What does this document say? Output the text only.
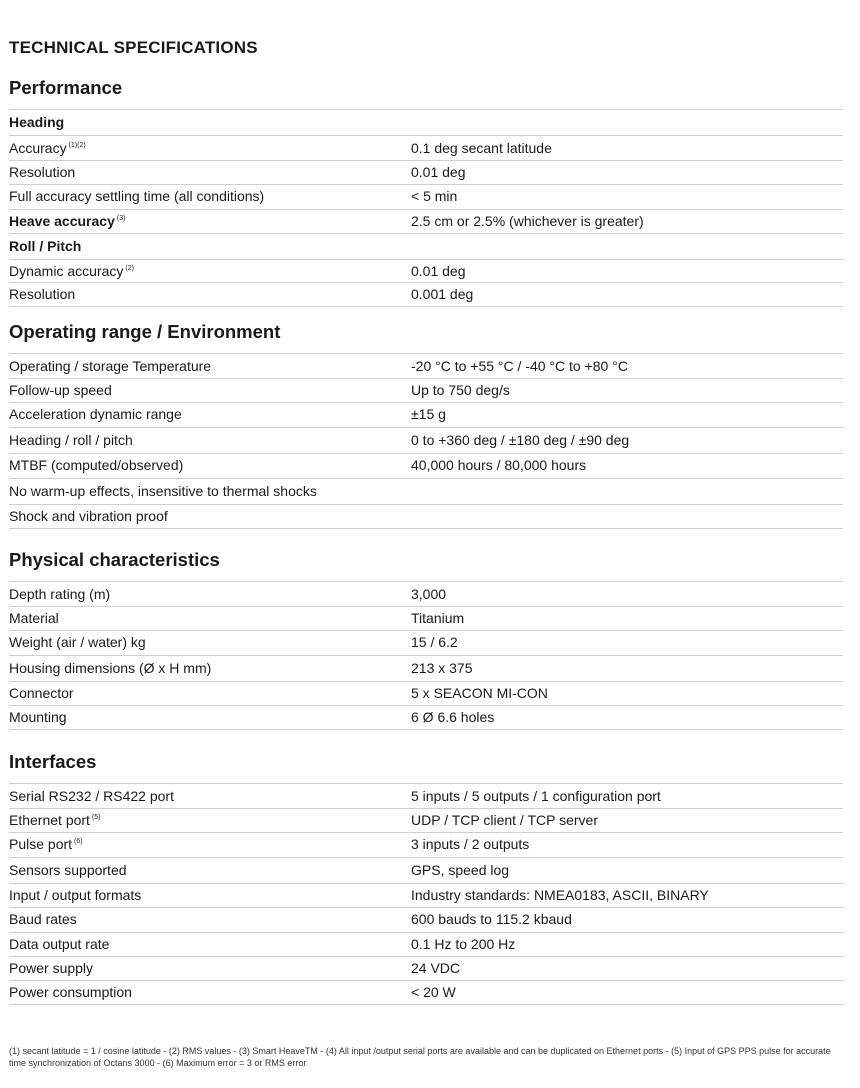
TECHNICAL SPECIFICATIONS
Performance
Heading
Accuracy $^{(1)(2)}$	0.1 deg secant latitude
Resolution	0.01 deg
Full accuracy settling time (all conditions)	< 5 min
Heave accuracy $^{(3)}$	2.5 cm or 2.5% (whichever is greater)
Roll / Pitch
Dynamic accuracy $^{(2)}$	0.01 deg
Resolution	0.001 deg
Operating range / Environment
Operating / storage Temperature	-20 °C to +55 °C / -40 °C to +80 °C
Follow-up speed	Up to 750 deg/s
Acceleration dynamic range	±15 g
Heading / roll / pitch	0 to +360 deg / ±180 deg / ±90 deg
MTBF (computed/observed)	40,000 hours / 80,000 hours
No warm-up effects, insensitive to thermal shocks
Shock and vibration proof
Physical characteristics
Depth rating (m)	3,000
Material	Titanium
Weight (air / water) kg	15 / 6.2
Housing dimensions (Ø x H mm)	213 x 375
Connector	5 x SEACON MI-CON
Mounting	6 Ø 6.6 holes
Interfaces
Serial RS232 / RS422 port	5 inputs / 5 outputs / 1 configuration port
Ethernet port $^{(5)}$	UDP / TCP client / TCP server
Pulse port $^{(6)}$	3 inputs / 2 outputs
Sensors supported	GPS, speed log
Input / output formats	Industry standards: NMEA0183, ASCII, BINARY
Baud rates	600 bauds to 115.2 kbaud
Data output rate	0.1 Hz to 200 Hz
Power supply	24 VDC
Power consumption	< 20 W
(1) secant latitude = 1 / cosine latitude - (2) RMS values - (3) Smart HeaveTM - (4) All input /output serial ports are available and can be duplicated on Ethernet ports - (5) Input of GPS PPS pulse for accurate time synchronization of Octans 3000 - (6) Maximum error = 3 or RMS error
